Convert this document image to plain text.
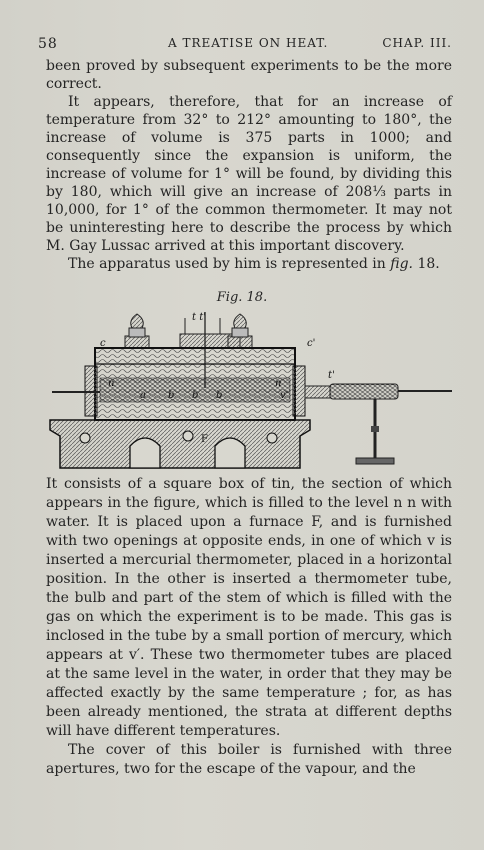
58	A TREATISE ON HEAT.	CHAP. III.

been proved by subsequent experiments to be the more correct.

It appears, therefore, that for an increase of temperature from 32° to 212° amounting to 180°, the increase of volume is 375 parts in 1000; and consequently since the expansion is uniform, the increase of volume for 1° will be found, by dividing this by 180, which will give an increase of 208⅓ parts in 10,000, for 1° of the common thermometer. It may not be uninteresting here to describe the process by which M. Gay Lussac arrived at this important discovery.

The apparatus used by him is represented in fig. 18.

Fig. 18.
c	c'
t t'
t'
n	n
b b b
a	v'
F

It consists of a square box of tin, the section of which appears in the figure, which is filled to the level n n with water. It is placed upon a furnace F, and is furnished with two openings at opposite ends, in one of which v is inserted a mercurial thermometer, placed in a horizontal position. In the other is inserted a thermometer tube, the bulb and part of the stem of which is filled with the gas on which the experiment is to be made. This gas is inclosed in the tube by a small portion of mercury, which appears at v′. These two thermometer tubes are placed at the same level in the water, in order that they may be affected exactly by the same temperature ; for, as has been already mentioned, the strata at different depths will have different temperatures.

The cover of this boiler is furnished with three apertures, two for the escape of the vapour, and the
